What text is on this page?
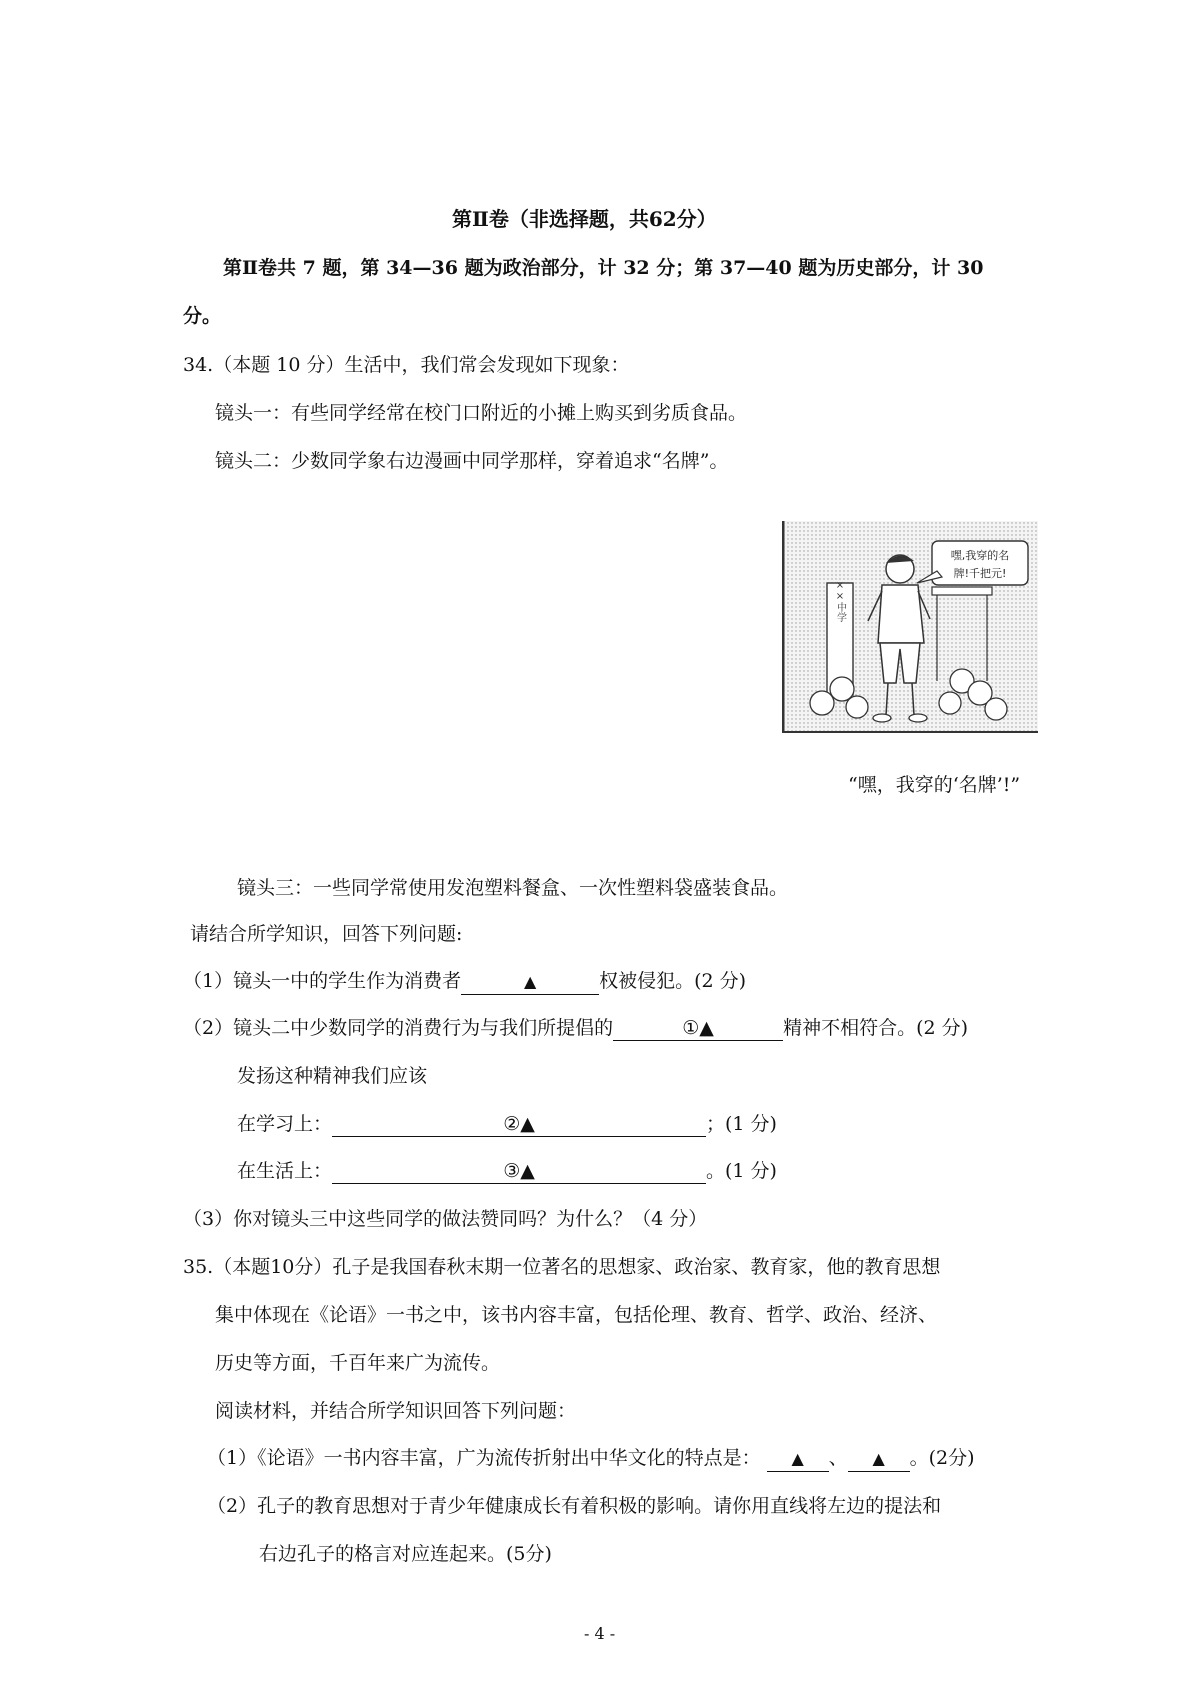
第Ⅱ卷（非选择题，共62分）
第Ⅱ卷共 7 题，第 34—36 题为政治部分，计 32 分；第 37—40 题为历史部分，计 30
分。
34.（本题 10 分）生活中，我们常会发现如下现象：
镜头一：有些同学经常在校门口附近的小摊上购买到劣质食品。
镜头二：少数同学象右边漫画中同学那样，穿着追求“名牌”。
××中学
嘿,我穿的名
牌!千把元!
“嘿，我穿的‘名牌’!”
镜头三：一些同学常使用发泡塑料餐盒、一次性塑料袋盛装食品。
请结合所学知识，回答下列问题:
（1）镜头一中的学生作为消费者	▲	权被侵犯。(2 分)
（2）镜头二中少数同学的消费行为与我们所提倡的	①▲	精神不相符合。(2 分)
发扬这种精神我们应该
在学习上：	②▲	；(1 分)
在生活上：	③▲	。(1 分)
（3）你对镜头三中这些同学的做法赞同吗？为什么？（4 分）
35.（本题10分）孔子是我国春秋末期一位著名的思想家、政治家、教育家，他的教育思想
集中体现在《论语》一书之中，该书内容丰富，包括伦理、教育、哲学、政治、经济、
历史等方面，千百年来广为流传。
阅读材料，并结合所学知识回答下列问题：
（1）《论语》一书内容丰富，广为流传折射出中华文化的特点是： ▲ 、 ▲ 。(2分)
（2）孔子的教育思想对于青少年健康成长有着积极的影响。请你用直线将左边的提法和
右边孔子的格言对应连起来。(5分)
- 4 -
